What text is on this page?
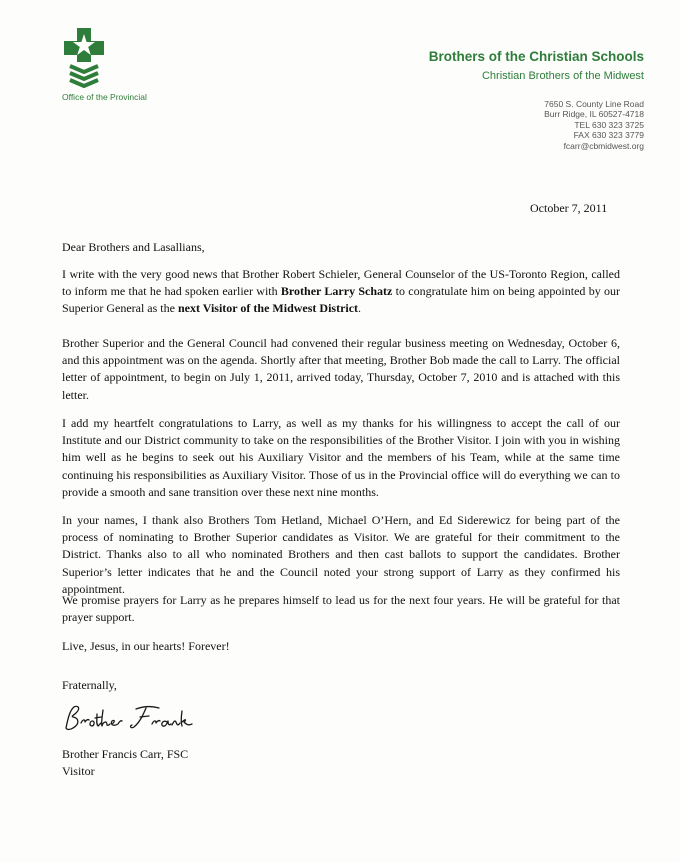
Office of the Provincial
Brothers of the Christian Schools
Christian Brothers of the Midwest
7650 S. County Line Road
Burr Ridge, IL 60527-4718
TEL 630 323 3725
FAX 630 323 3779
fcarr@cbmidwest.org
October 7, 2011
Dear Brothers and Lasallians,
I write with the very good news that Brother Robert Schieler, General Counselor of the US-Toronto Region, called to inform me that he had spoken earlier with Brother Larry Schatz to congratulate him on being appointed by our Superior General as the next Visitor of the Midwest District.
Brother Superior and the General Council had convened their regular business meeting on Wednesday, October 6, and this appointment was on the agenda. Shortly after that meeting, Brother Bob made the call to Larry. The official letter of appointment, to begin on July 1, 2011, arrived today, Thursday, October 7, 2010 and is attached with this letter.
I add my heartfelt congratulations to Larry, as well as my thanks for his willingness to accept the call of our Institute and our District community to take on the responsibilities of the Brother Visitor. I join with you in wishing him well as he begins to seek out his Auxiliary Visitor and the members of his Team, while at the same time continuing his responsibilities as Auxiliary Visitor. Those of us in the Provincial office will do everything we can to provide a smooth and sane transition over these next nine months.
In your names, I thank also Brothers Tom Hetland, Michael O’Hern, and Ed Siderewicz for being part of the process of nominating to Brother Superior candidates as Visitor. We are grateful for their commitment to the District. Thanks also to all who nominated Brothers and then cast ballots to support the candidates. Brother Superior’s letter indicates that he and the Council noted your strong support of Larry as they confirmed his appointment.
We promise prayers for Larry as he prepares himself to lead us for the next four years. He will be grateful for that prayer support.
Live, Jesus, in our hearts! Forever!
Fraternally,
Brother Francis Carr, FSC
Visitor
